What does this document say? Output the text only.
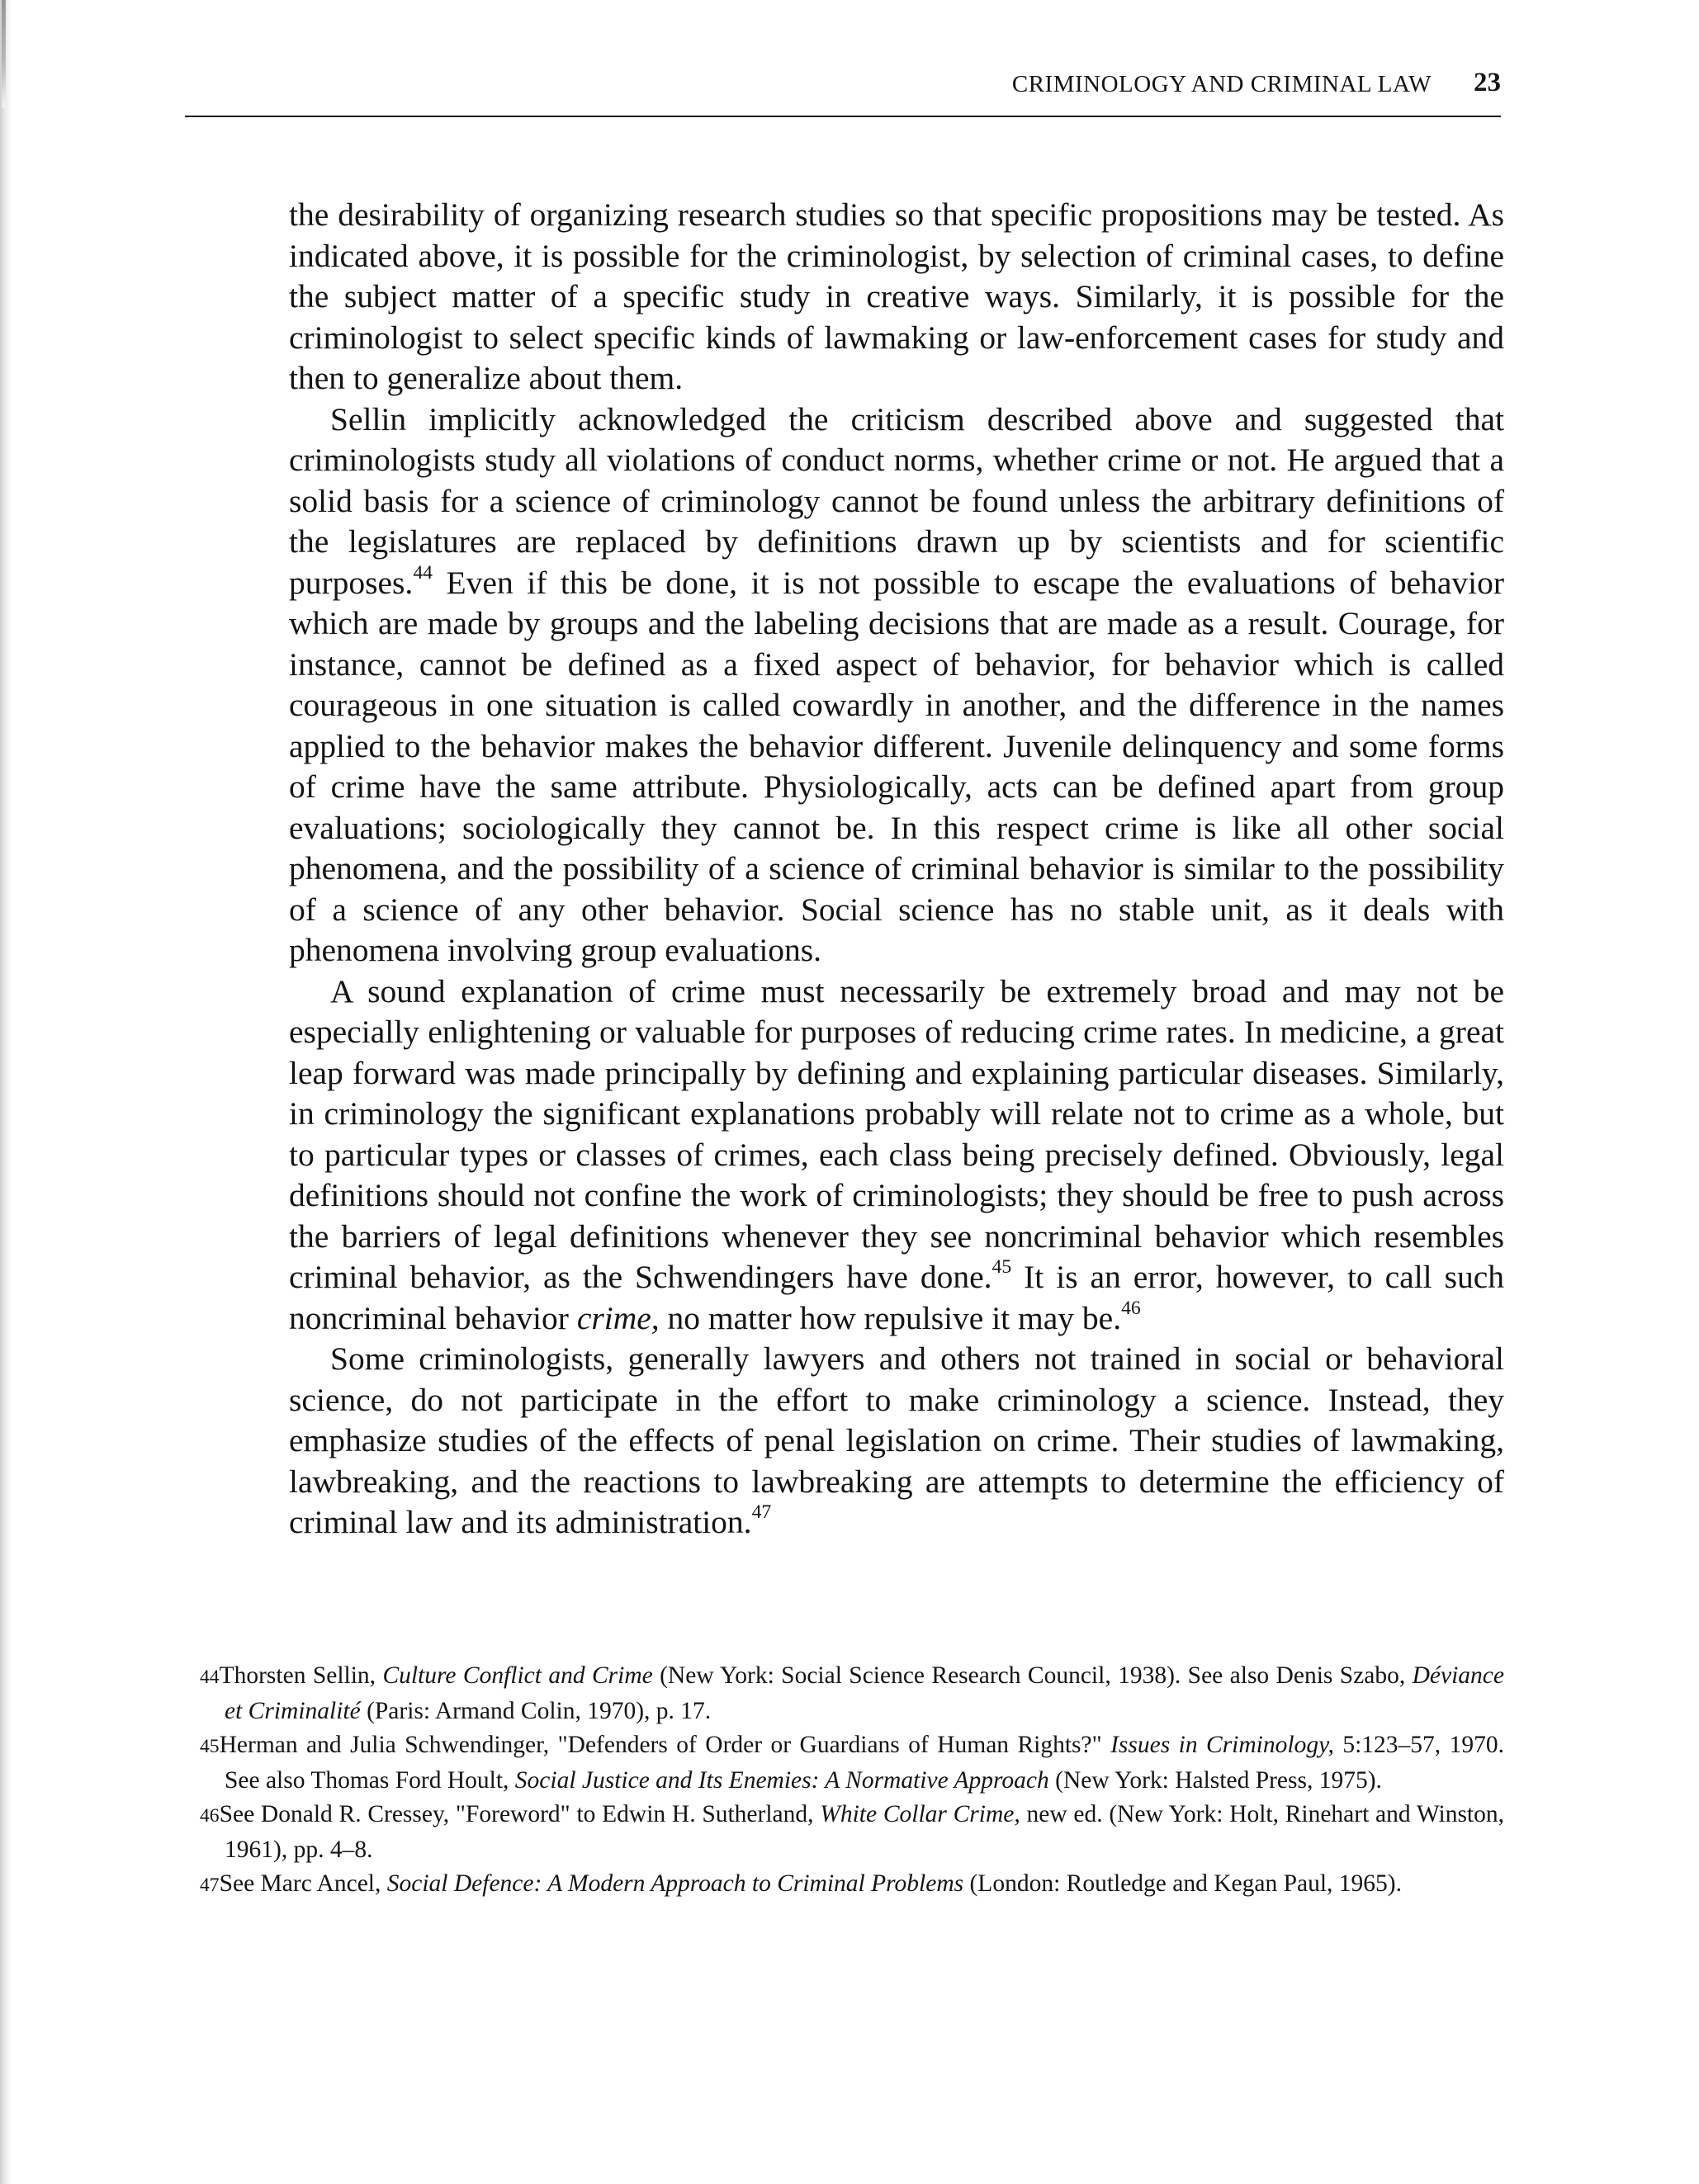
CRIMINOLOGY AND CRIMINAL LAW 23

the desirability of organizing research studies so that specific propositions may be tested. As indicated above, it is possible for the criminologist, by selection of criminal cases, to define the subject matter of a specific study in creative ways. Similarly, it is possible for the criminologist to select specific kinds of lawmaking or law-enforcement cases for study and then to generalize about them.

Sellin implicitly acknowledged the criticism described above and suggested that criminologists study all violations of conduct norms, whether crime or not. He argued that a solid basis for a science of criminology cannot be found unless the arbitrary definitions of the legislatures are replaced by definitions drawn up by scientists and for scientific purposes.$^{44}$ Even if this be done, it is not possible to escape the evaluations of behavior which are made by groups and the labeling decisions that are made as a result. Courage, for instance, cannot be defined as a fixed aspect of behavior, for behavior which is called courageous in one situation is called cowardly in another, and the difference in the names applied to the behavior makes the behavior different. Juvenile delinquency and some forms of crime have the same attribute. Physiologically, acts can be defined apart from group evaluations; sociologically they cannot be. In this respect crime is like all other social phenomena, and the possibility of a science of criminal behavior is similar to the possibility of a science of any other behavior. Social science has no stable unit, as it deals with phenomena involving group evaluations.

A sound explanation of crime must necessarily be extremely broad and may not be especially enlightening or valuable for purposes of reducing crime rates. In medicine, a great leap forward was made principally by defining and explaining particular diseases. Similarly, in criminology the significant explanations probably will relate not to crime as a whole, but to particular types or classes of crimes, each class being precisely defined. Obviously, legal definitions should not confine the work of criminologists; they should be free to push across the barriers of legal definitions whenever they see noncriminal behavior which resembles criminal behavior, as the Schwendingers have done.$^{45}$ It is an error, however, to call such noncriminal behavior crime, no matter how repulsive it may be.$^{46}$

Some criminologists, generally lawyers and others not trained in social or behavioral science, do not participate in the effort to make criminology a science. Instead, they emphasize studies of the effects of penal legislation on crime. Their studies of lawmaking, lawbreaking, and the reactions to lawbreaking are attempts to determine the efficiency of criminal law and its administration.$^{47}$

44Thorsten Sellin, Culture Conflict and Crime (New York: Social Science Research Council, 1938). See also Denis Szabo, Déviance et Criminalité (Paris: Armand Colin, 1970), p. 17.

45Herman and Julia Schwendinger, "Defenders of Order or Guardians of Human Rights?" Issues in Criminology, 5:123–57, 1970. See also Thomas Ford Hoult, Social Justice and Its Enemies: A Normative Approach (New York: Halsted Press, 1975).

46See Donald R. Cressey, "Foreword" to Edwin H. Sutherland, White Collar Crime, new ed. (New York: Holt, Rinehart and Winston, 1961), pp. 4–8.

47See Marc Ancel, Social Defence: A Modern Approach to Criminal Problems (London: Routledge and Kegan Paul, 1965).
